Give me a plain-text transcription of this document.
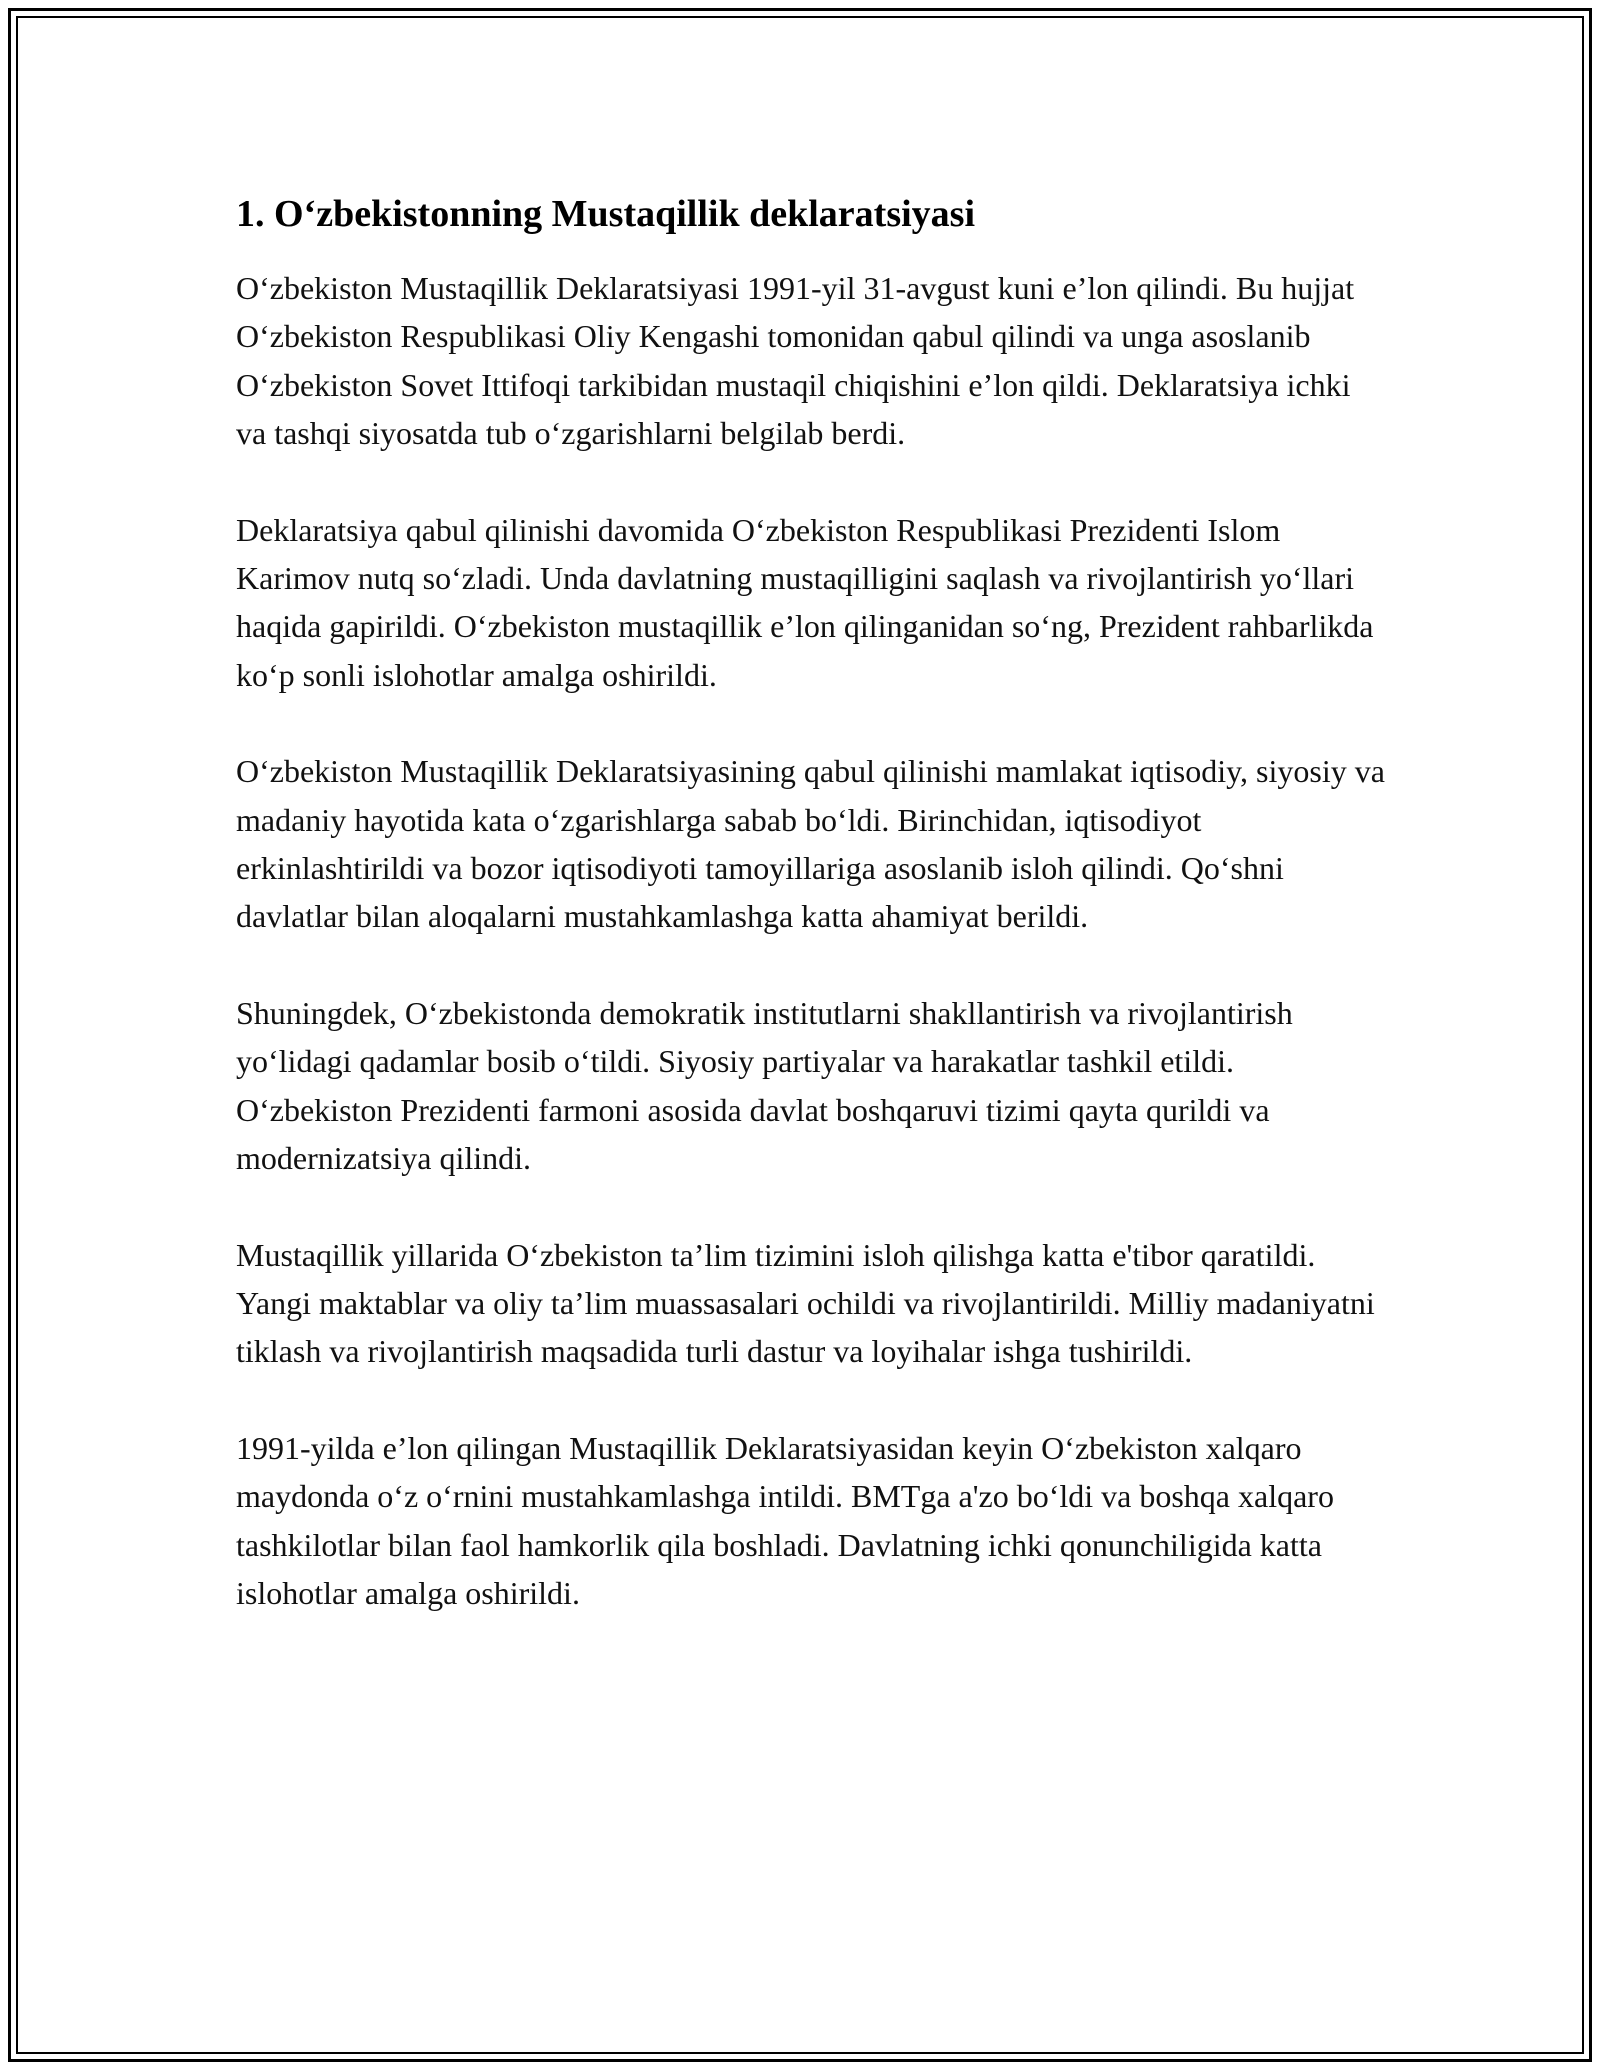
1. O‘zbekistonning Mustaqillik deklaratsiyasi

O‘zbekiston Mustaqillik Deklaratsiyasi 1991-yil 31-avgust kuni e’lon qilindi. Bu hujjat O‘zbekiston Respublikasi Oliy Kengashi tomonidan qabul qilindi va unga asoslanib O‘zbekiston Sovet Ittifoqi tarkibidan mustaqil chiqishini e’lon qildi. Deklaratsiya ichki va tashqi siyosatda tub o‘zgarishlarni belgilab berdi.

Deklaratsiya qabul qilinishi davomida O‘zbekiston Respublikasi Prezidenti Islom Karimov nutq so‘zladi. Unda davlatning mustaqilligini saqlash va rivojlantirish yo‘llari haqida gapirildi. O‘zbekiston mustaqillik e’lon qilinganidan so‘ng, Prezident rahbarlikda ko‘p sonli islohotlar amalga oshirildi.

O‘zbekiston Mustaqillik Deklaratsiyasining qabul qilinishi mamlakat iqtisodiy, siyosiy va madaniy hayotida kata o‘zgarishlarga sabab bo‘ldi. Birinchidan, iqtisodiyot erkinlashtirildi va bozor iqtisodiyoti tamoyillariga asoslanib isloh qilindi. Qo‘shni davlatlar bilan aloqalarni mustahkamlashga katta ahamiyat berildi.

Shuningdek, O‘zbekistonda demokratik institutlarni shakllantirish va rivojlantirish yo‘lidagi qadamlar bosib o‘tildi. Siyosiy partiyalar va harakatlar tashkil etildi. O‘zbekiston Prezidenti farmoni asosida davlat boshqaruvi tizimi qayta qurildi va modernizatsiya qilindi.

Mustaqillik yillarida O‘zbekiston ta’lim tizimini isloh qilishga katta e'tibor qaratildi. Yangi maktablar va oliy ta’lim muassasalari ochildi va rivojlantirildi. Milliy madaniyatni tiklash va rivojlantirish maqsadida turli dastur va loyihalar ishga tushirildi.

1991-yilda e’lon qilingan Mustaqillik Deklaratsiyasidan keyin O‘zbekiston xalqaro maydonda o‘z o‘rnini mustahkamlashga intildi. BMTga a'zo bo‘ldi va boshqa xalqaro tashkilotlar bilan faol hamkorlik qila boshladi. Davlatning ichki qonunchiligida katta islohotlar amalga oshirildi.
